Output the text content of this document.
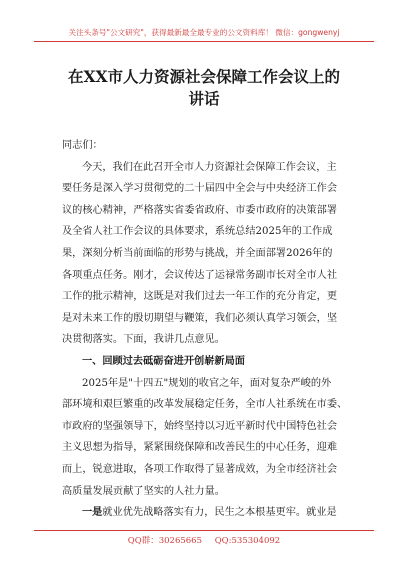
关注头条号"公文研究"，获得最新最全最专业的公文资料库！ 微信：gongwenyj
在XX市人力资源社会保障工作会议上的
讲话
同志们：
今天，我们在此召开全市人力资源社会保障工作会议，主
要任务是深入学习贯彻党的二十届四中全会与中央经济工作会
议的核心精神，严格落实省委省政府、市委市政府的决策部署
及全省人社工作会议的具体要求，系统总结2025年的工作成
果，深刻分析当前面临的形势与挑战，并全面部署2026年的
各项重点任务。刚才，会议传达了运禄常务副市长对全市人社
工作的批示精神，这既是对我们过去一年工作的充分肯定，更
是对未来工作的殷切期望与鞭策，我们必须认真学习领会，坚
决贯彻落实。下面，我讲几点意见。
一、回顾过去砥砺奋进开创崭新局面
2025年是"十四五"规划的收官之年，面对复杂严峻的外
部环境和艰巨繁重的改革发展稳定任务，全市人社系统在市委、
市政府的坚强领导下，始终坚持以习近平新时代中国特色社会
主义思想为指导，紧紧围绕保障和改善民生的中心任务，迎难
而上，锐意进取，各项工作取得了显著成效，为全市经济社会
高质量发展贡献了坚实的人社力量。
一是就业优先战略落实有力，民生之本根基更牢。就业是
QQ群：30265665 QQ:535304092
